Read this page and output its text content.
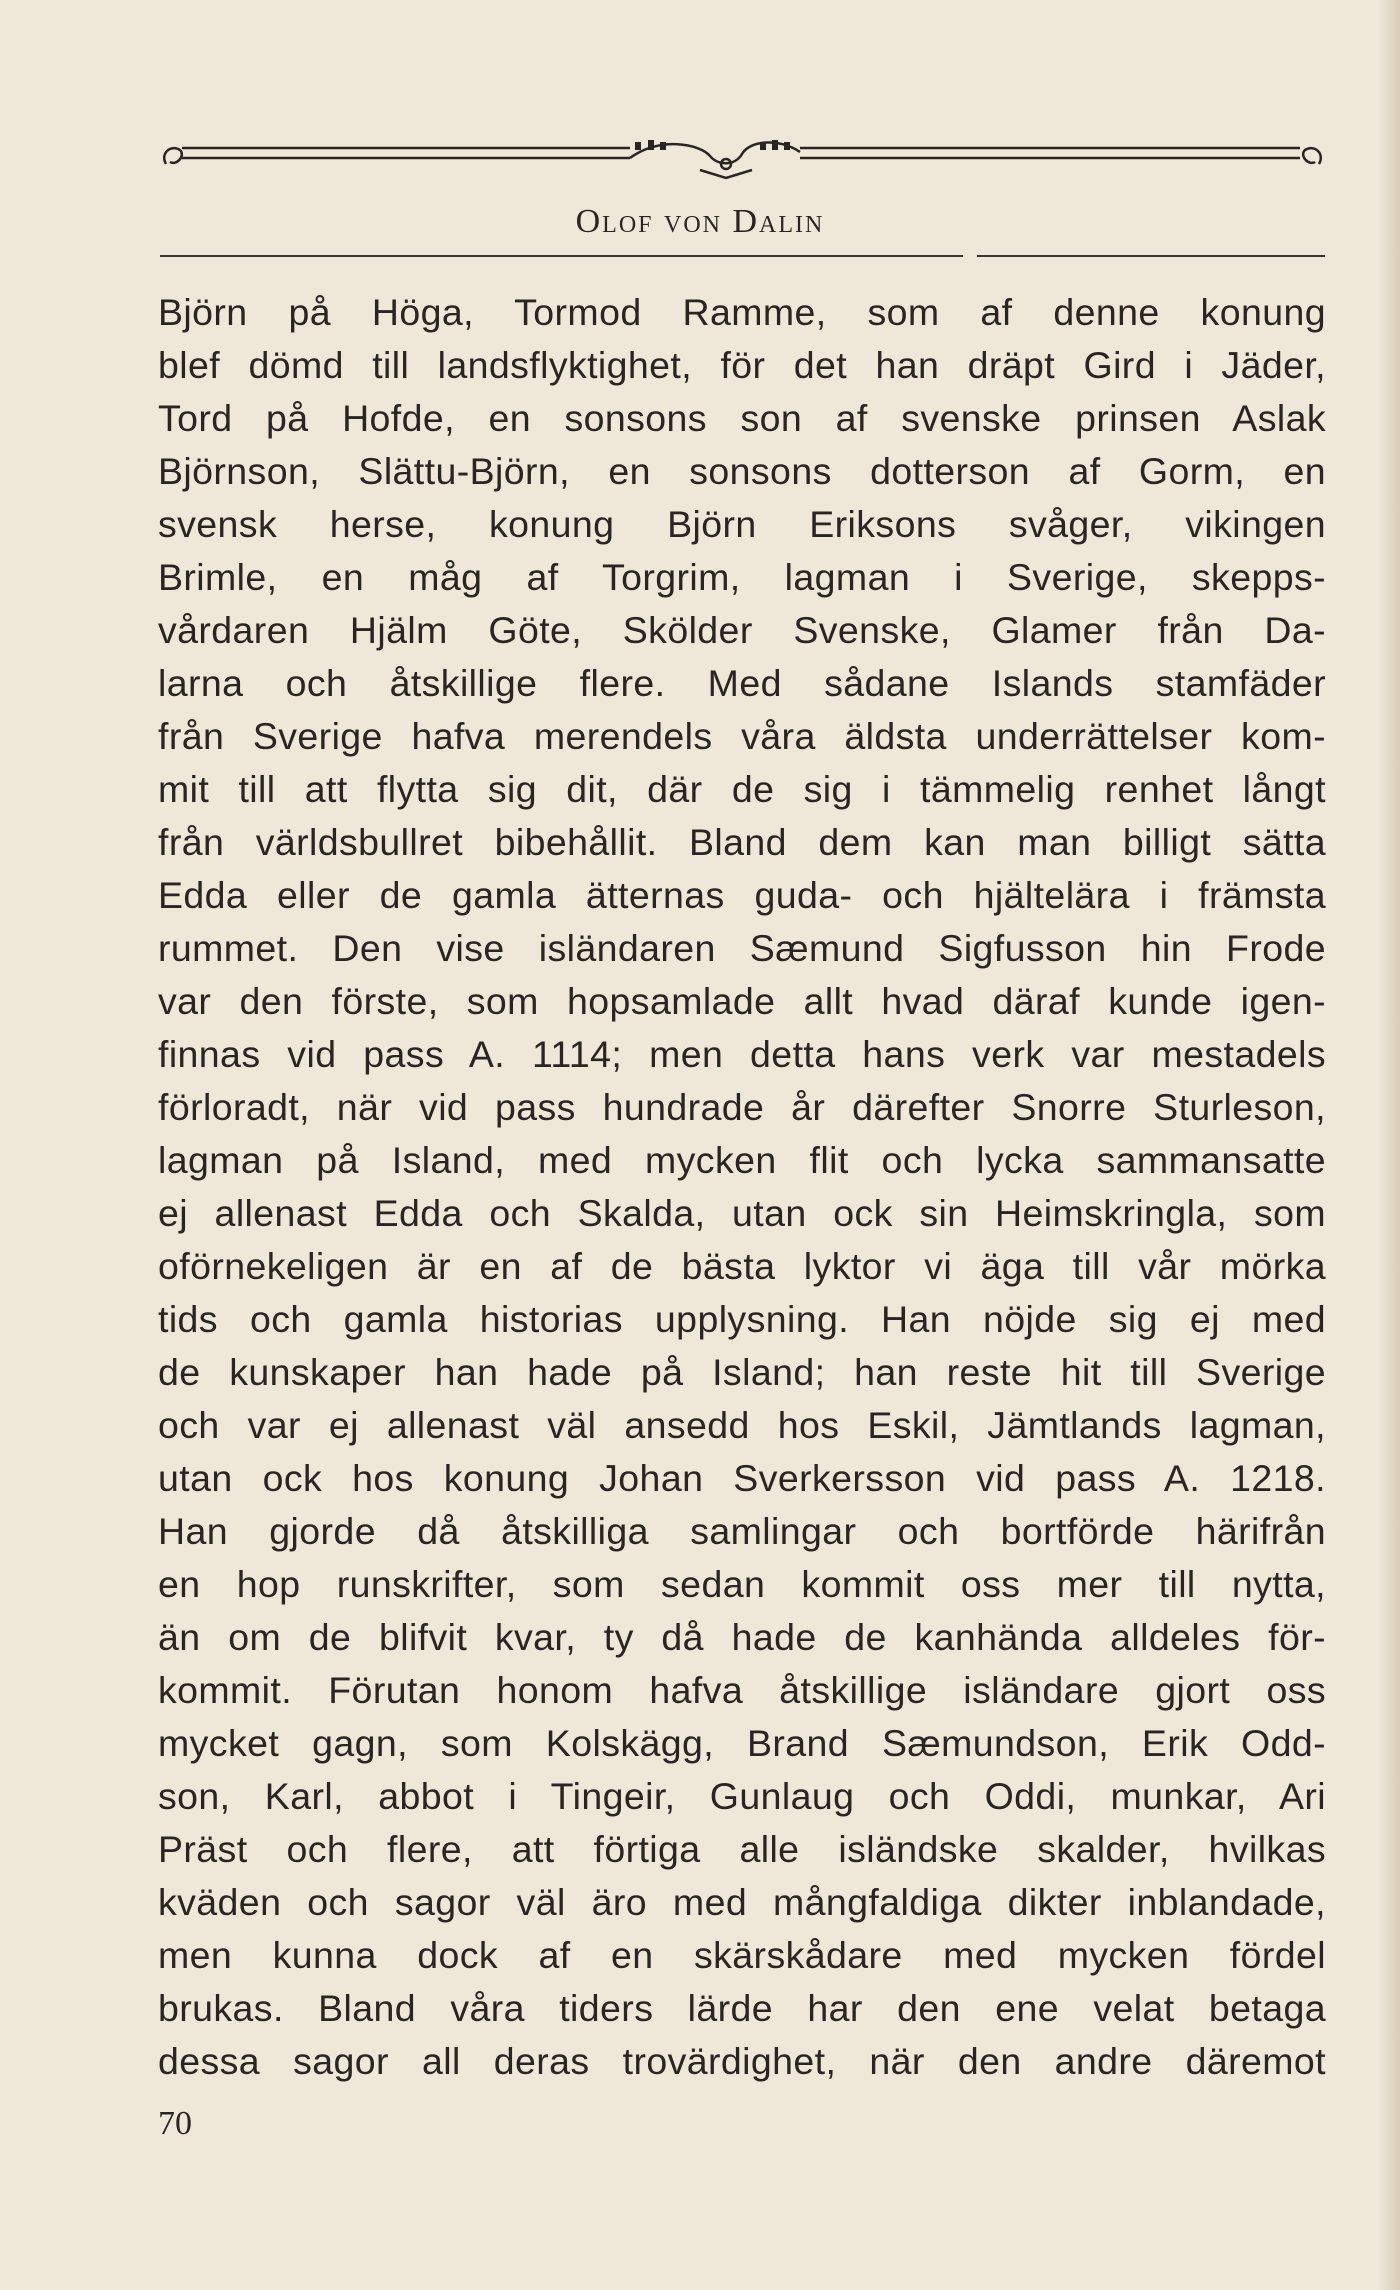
Olof von Dalin
Björn på Höga, Tormod Ramme, som af denne konung
blef dömd till landsflyktighet, för det han dräpt Gird i Jäder,
Tord på Hofde, en sonsons son af svenske prinsen Aslak
Björnson, Slättu-Björn, en sonsons dotterson af Gorm, en
svensk herse, konung Björn Eriksons svåger, vikingen
Brimle, en måg af Torgrim, lagman i Sverige, skepps-
vårdaren Hjälm Göte, Skölder Svenske, Glamer från Da-
larna och åtskillige flere. Med sådane Islands stamfäder
från Sverige hafva merendels våra äldsta underrättelser kom-
mit till att flytta sig dit, där de sig i tämmelig renhet långt
från världsbullret bibehållit. Bland dem kan man billigt sätta
Edda eller de gamla ätternas guda- och hjältelära i främsta
rummet. Den vise isländaren Sæmund Sigfusson hin Frode
var den förste, som hopsamlade allt hvad däraf kunde igen-
finnas vid pass A. 1114; men detta hans verk var mestadels
förloradt, när vid pass hundrade år därefter Snorre Sturleson,
lagman på Island, med mycken flit och lycka sammansatte
ej allenast Edda och Skalda, utan ock sin Heimskringla, som
oförnekeligen är en af de bästa lyktor vi äga till vår mörka
tids och gamla historias upplysning. Han nöjde sig ej med
de kunskaper han hade på Island; han reste hit till Sverige
och var ej allenast väl ansedd hos Eskil, Jämtlands lagman,
utan ock hos konung Johan Sverkersson vid pass A. 1218.
Han gjorde då åtskilliga samlingar och bortförde härifrån
en hop runskrifter, som sedan kommit oss mer till nytta,
än om de blifvit kvar, ty då hade de kanhända alldeles för-
kommit. Förutan honom hafva åtskillige isländare gjort oss
mycket gagn, som Kolskägg, Brand Sæmundson, Erik Odd-
son, Karl, abbot i Tingeir, Gunlaug och Oddi, munkar, Ari
Präst och flere, att förtiga alle isländske skalder, hvilkas
kväden och sagor väl äro med mångfaldiga dikter inblandade,
men kunna dock af en skärskådare med mycken fördel
brukas. Bland våra tiders lärde har den ene velat betaga
dessa sagor all deras trovärdighet, när den andre däremot
70
